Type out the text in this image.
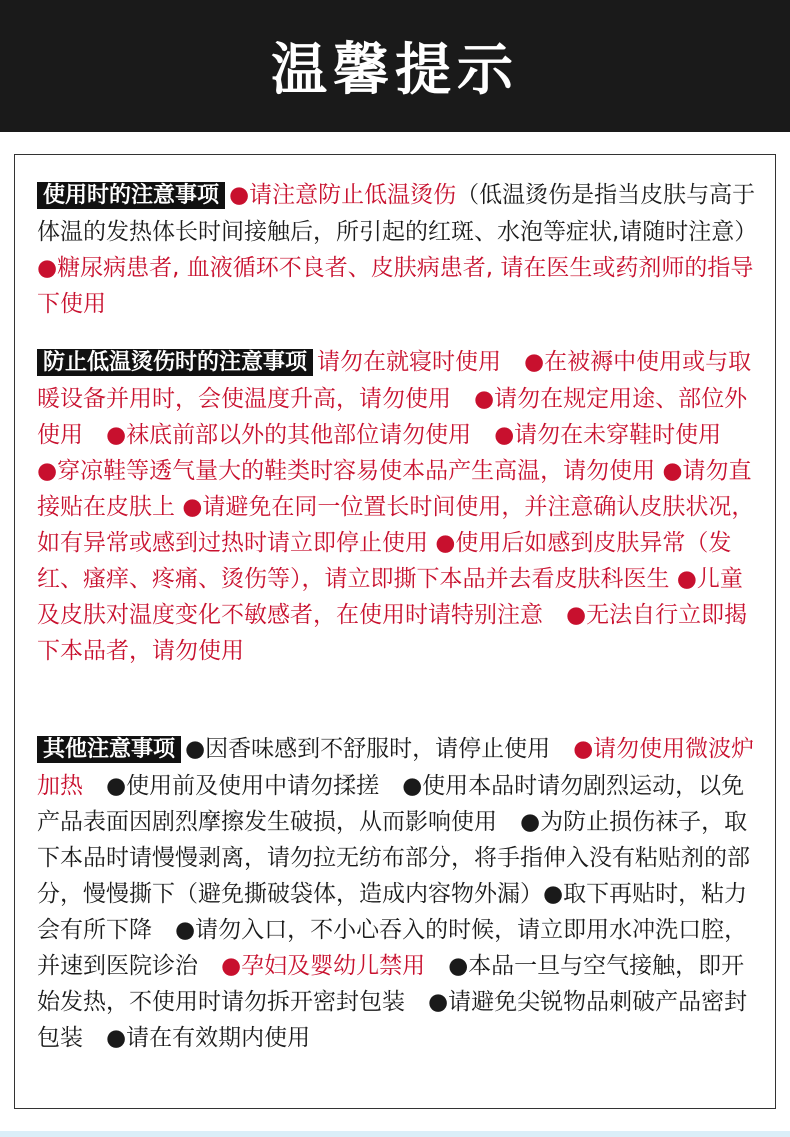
温馨提示
使用时的注意事项 ●请注意防止低温烫伤（低温烫伤是指当皮肤与高于体温的发热体长时间接触后，所引起的红斑、水泡等症状,请随时注意）　●糖尿病患者, 血液循环不良者、皮肤病患者, 请在医生或药剂师的指导下使用
防止低温烫伤时的注意事项 请勿在就寝时使用　●在被褥中使用或与取暖设备并用时，会使温度升高，请勿使用　●请勿在规定用途、部位外使用　●袜底前部以外的其他部位请勿使用　●请勿在未穿鞋时使用　●穿凉鞋等透气量大的鞋类时容易使本品产生高温，请勿使用 ●请勿直接贴在皮肤上 ●请避免在同一位置长时间使用，并注意确认皮肤状况，如有异常或感到过热时请立即停止使用 ●使用后如感到皮肤异常（发红、瘙痒、疼痛、烫伤等），请立即撕下本品并去看皮肤科医生 ●儿童及皮肤对温度变化不敏感者，在使用时请特别注意　●无法自行立即揭下本品者，请勿使用
其他注意事项 ●因香味感到不舒服时，请停止使用　●请勿使用微波炉加热　●使用前及使用中请勿揉搓　●使用本品时请勿剧烈运动，以免产品表面因剧烈摩擦发生破损，从而影响使用　●为防止损伤袜子，取下本品时请慢慢剥离，请勿拉无纺布部分，将手指伸入没有粘贴剂的部分，慢慢撕下（避免撕破袋体，造成内容物外漏）●取下再贴时，粘力会有所下降　●请勿入口，不小心吞入的时候，请立即用水冲洗口腔，并速到医院诊治　●孕妇及婴幼儿禁用　●本品一旦与空气接触，即开始发热，不使用时请勿拆开密封包装　●请避免尖锐物品刺破产品密封包装　●请在有效期内使用
